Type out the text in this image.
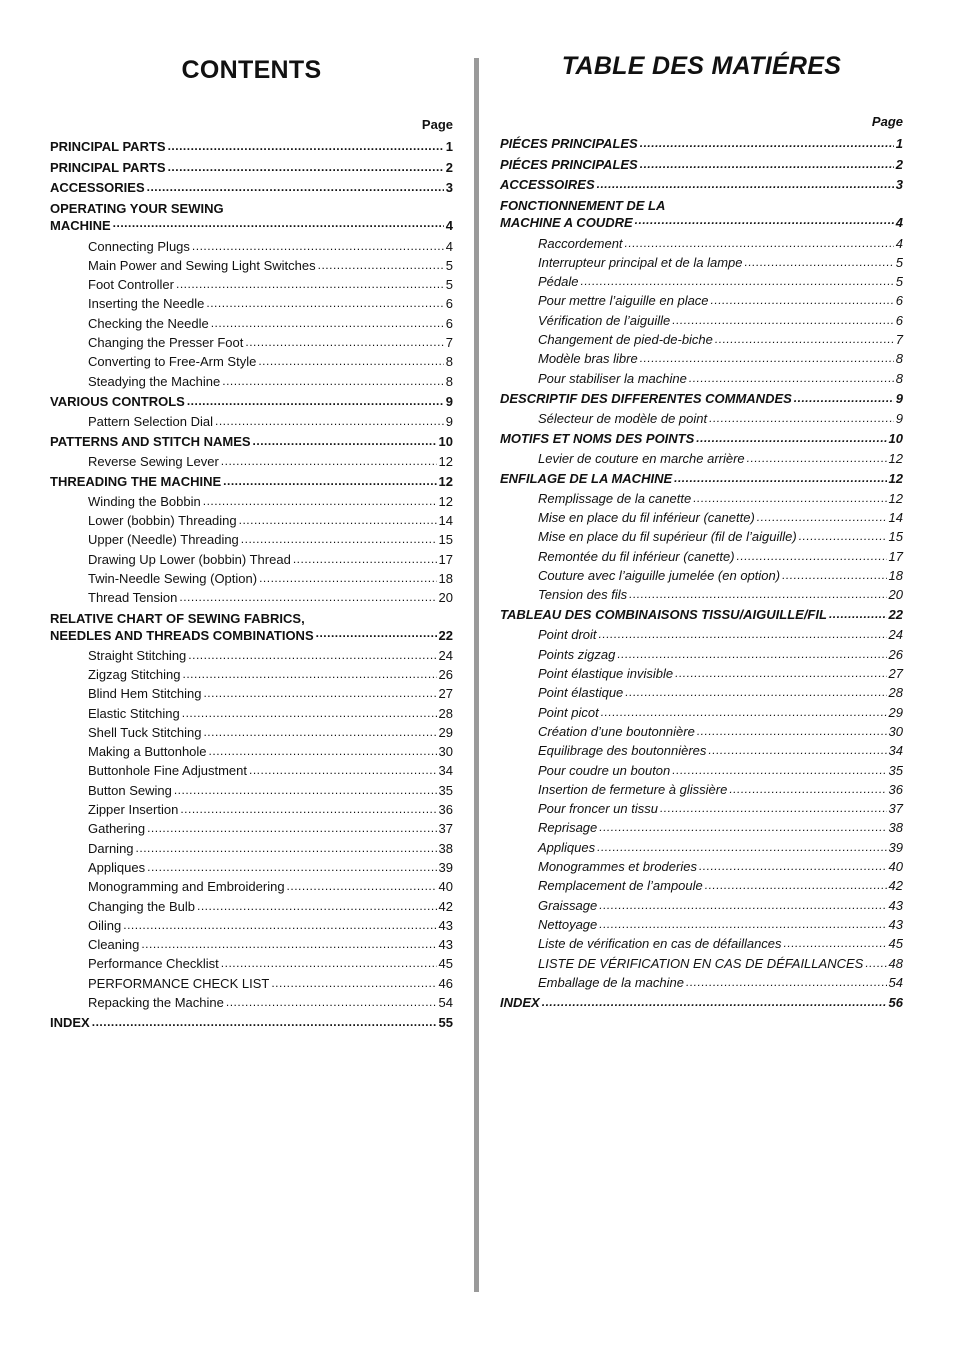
CONTENTS
Page
PRINCIPAL PARTS .....	1
PRINCIPAL PARTS .....	2
ACCESSORIES .....	3
OPERATING YOUR SEWING
MACHINE .....	4
Connecting Plugs .....	4
Main Power and Sewing Light Switches .....	5
Foot Controller .....	5
Inserting the Needle .....	6
Checking the Needle .....	6
Changing the Presser Foot .....	7
Converting to Free-Arm Style .....	8
Steadying the Machine .....	8
VARIOUS CONTROLS .....	9
Pattern Selection Dial .....	9
PATTERNS AND STITCH NAMES .....	10
Reverse Sewing Lever .....	12
THREADING THE MACHINE .....	12
Winding the Bobbin .....	12
Lower (bobbin) Threading .....	14
Upper (Needle) Threading .....	15
Drawing Up Lower (bobbin) Thread .....	17
Twin-Needle Sewing (Option) .....	18
Thread Tension .....	20
RELATIVE CHART OF SEWING FABRICS,
NEEDLES AND THREADS COMBINATIONS .....	22
Straight Stitching .....	24
Zigzag Stitching .....	26
Blind Hem Stitching .....	27
Elastic Stitching .....	28
Shell Tuck Stitching .....	29
Making a Buttonhole .....	30
Buttonhole Fine Adjustment .....	34
Button Sewing .....	35
Zipper Insertion .....	36
Gathering .....	37
Darning .....	38
Appliques .....	39
Monogramming and Embroidering .....	40
Changing the Bulb .....	42
Oiling .....	43
Cleaning .....	43
Performance Checklist .....	45
PERFORMANCE CHECK LIST .....	46
Repacking the Machine .....	54
INDEX .....	55
TABLE DES MATIÉRES
Page
PIÉCES PRINCIPALES .....	1
PIÉCES PRINCIPALES .....	2
ACCESSOIRES .....	3
FONCTIONNEMENT DE LA
MACHINE A COUDRE .....	4
Raccordement .....	4
Interrupteur principal et de la lampe .....	5
Pédale .....	5
Pour mettre l’aiguille en place .....	6
Vérification de l’aiguille .....	6
Changement de pied-de-biche .....	7
Modèle bras libre .....	8
Pour stabiliser la machine .....	8
DESCRIPTIF DES DIFFERENTES COMMANDES .....	9
Sélecteur de modèle de point .....	9
MOTIFS ET NOMS DES POINTS .....	10
Levier de couture en marche arrière .....	12
ENFILAGE DE LA MACHINE .....	12
Remplissage de la canette .....	12
Mise en place du fil inférieur (canette) .....	14
Mise en place du fil supérieur (fil de l’aiguille) .....	15
Remontée du fil inférieur (canette) .....	17
Couture avec l’aiguille jumelée (en option) .....	18
Tension des fils .....	20
TABLEAU DES COMBINAISONS TISSU/AIGUILLE/FIL .....	22
Point droit .....	24
Points zigzag .....	26
Point élastique invisible .....	27
Point élastique .....	28
Point picot .....	29
Création d’une boutonnière .....	30
Equilibrage des boutonnières .....	34
Pour coudre un bouton .....	35
Insertion de fermeture à glissière .....	36
Pour froncer un tissu .....	37
Reprisage .....	38
Appliques .....	39
Monogrammes et broderies .....	40
Remplacement de l’ampoule .....	42
Graissage .....	43
Nettoyage .....	43
Liste de vérification en cas de défaillances .....	45
LISTE DE VÉRIFICATION EN CAS DE DÉFAILLANCES ..... 48
Emballage de la machine .....	54
INDEX .....	56
